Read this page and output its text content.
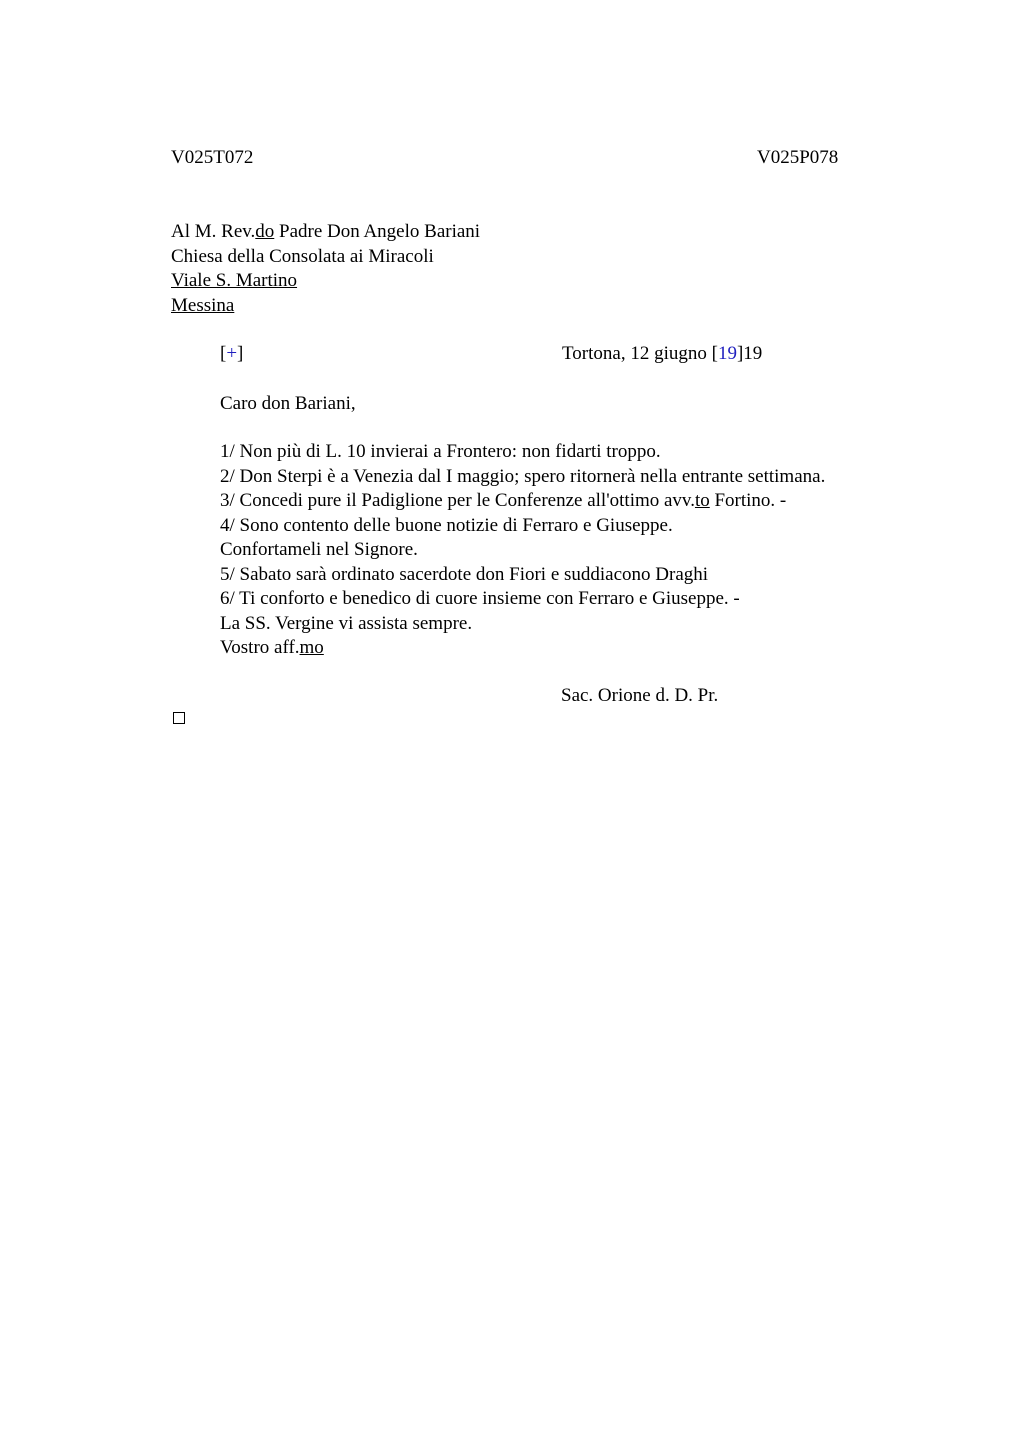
V025T072	V025P078
Al M. Rev.do Padre Don Angelo Bariani
Chiesa della Consolata ai Miracoli
Viale S. Martino
Messina
[+]	Tortona, 12 giugno [19]19
Caro don Bariani,
1/ Non più di L. 10 invierai a Frontero: non fidarti troppo.
2/ Don Sterpi è a Venezia dal I maggio; spero ritornerà nella entrante settimana.
3/ Concedi pure il Padiglione per le Conferenze all'ottimo avv.to Fortino. -
4/ Sono contento delle buone notizie di Ferraro e Giuseppe.
Confortameli nel Signore.
5/ Sabato sarà ordinato sacerdote don Fiori e suddiacono Draghi
6/ Ti conforto e benedico di cuore insieme con Ferraro e Giuseppe. -
La SS. Vergine vi assista sempre.
Vostro aff.mo
Sac. Orione d. D. Pr.
